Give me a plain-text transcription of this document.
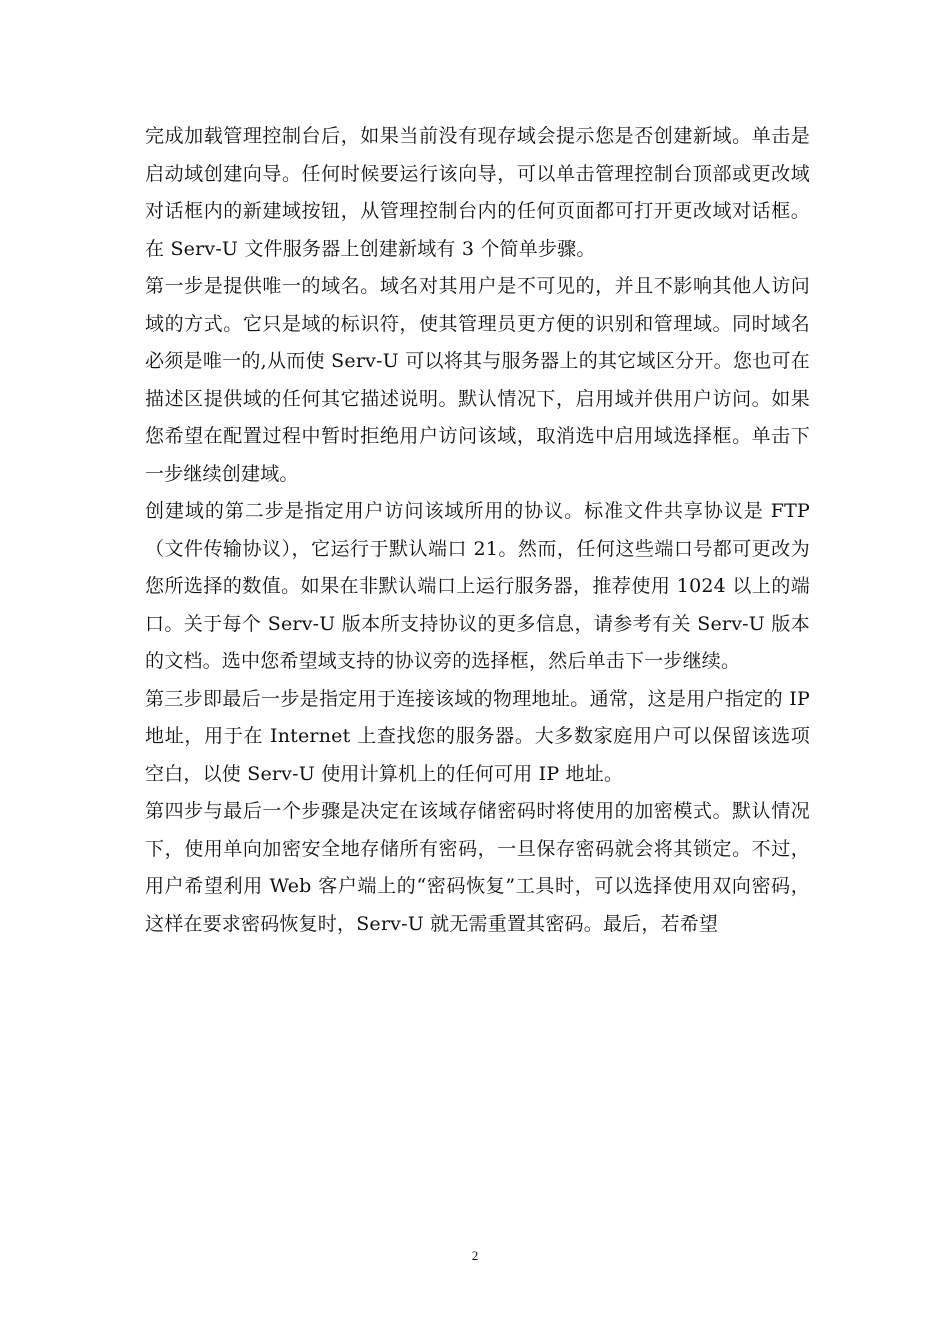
完成加载管理控制台后，如果当前没有现存域会提示您是否创建新域。单击是启动域创建向导。任何时候要运行该向导，可以单击管理控制台顶部或更改域对话框内的新建域按钮，从管理控制台内的任何页面都可打开更改域对话框。在 Serv-U 文件服务器上创建新域有 3 个简单步骤。

第一步是提供唯一的域名。域名对其用户是不可见的，并且不影响其他人访问域的方式。它只是域的标识符，使其管理员更方便的识别和管理域。同时域名必须是唯一的,从而使 Serv-U 可以将其与服务器上的其它域区分开。您也可在描述区提供域的任何其它描述说明。默认情况下，启用域并供用户访问。如果您希望在配置过程中暂时拒绝用户访问该域，取消选中启用域选择框。单击下一步继续创建域。

创建域的第二步是指定用户访问该域所用的协议。标准文件共享协议是 FTP（文件传输协议），它运行于默认端口 21。然而，任何这些端口号都可更改为您所选择的数值。如果在非默认端口上运行服务器，推荐使用 1024 以上的端口。关于每个 Serv-U 版本所支持协议的更多信息，请参考有关 Serv-U 版本的文档。选中您希望域支持的协议旁的选择框，然后单击下一步继续。

第三步即最后一步是指定用于连接该域的物理地址。通常，这是用户指定的 IP 地址，用于在 Internet 上查找您的服务器。大多数家庭用户可以保留该选项空白，以使 Serv-U 使用计算机上的任何可用 IP 地址。

第四步与最后一个步骤是决定在该域存储密码时将使用的加密模式。默认情况下，使用单向加密安全地存储所有密码，一旦保存密码就会将其锁定。不过，用户希望利用 Web 客户端上的“密码恢复”工具时，可以选择使用双向密码，这样在要求密码恢复时，Serv-U 就无需重置其密码。最后，若希望

2
